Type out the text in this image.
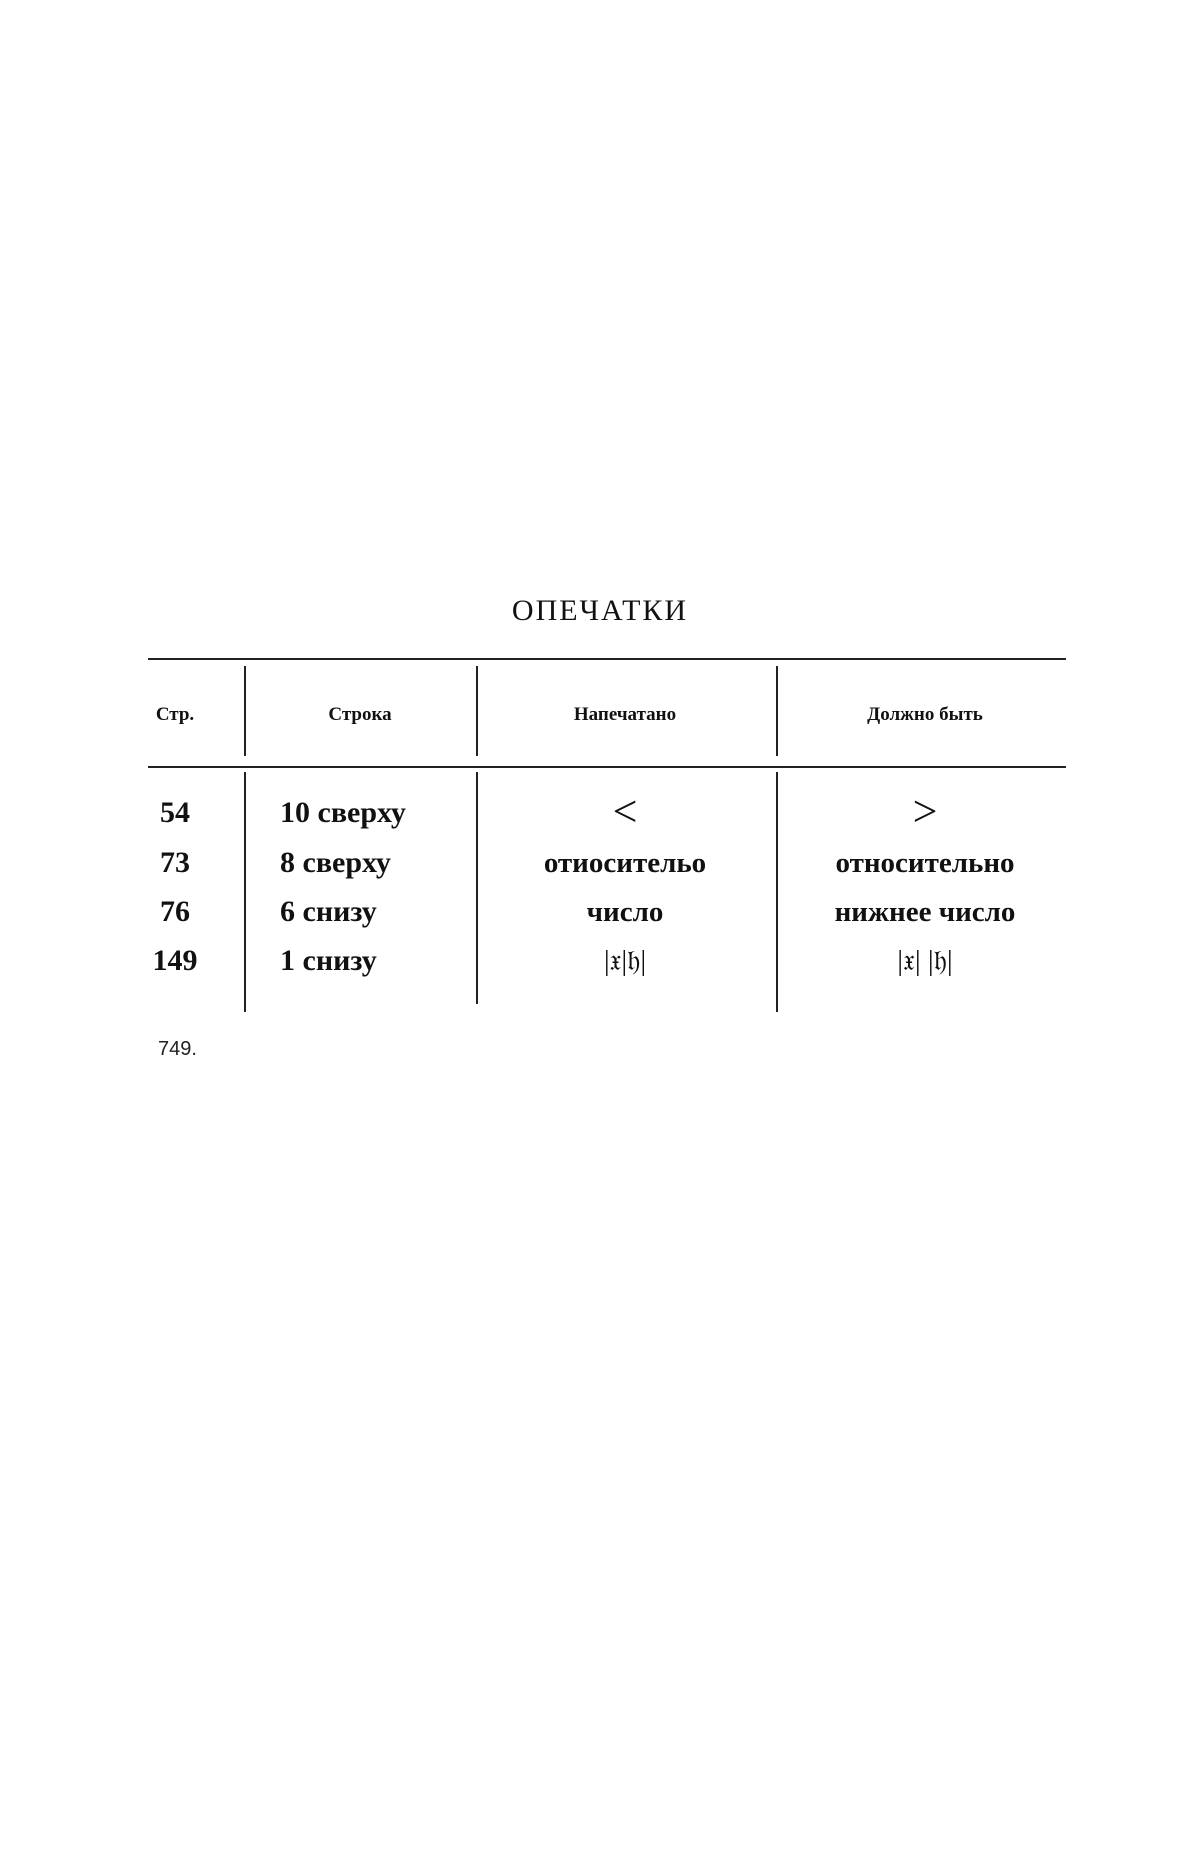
ОПЕЧАТКИ
Стр.	Строка	Напечатано	Должно быть
54	10 сверху	<	>
73	8 сверху	отиосительо	относительно
76	6 снизу	число	нижнее число
149	1 снизу	|𝔵|𝔥|	|𝔵| |𝔥|
749.
